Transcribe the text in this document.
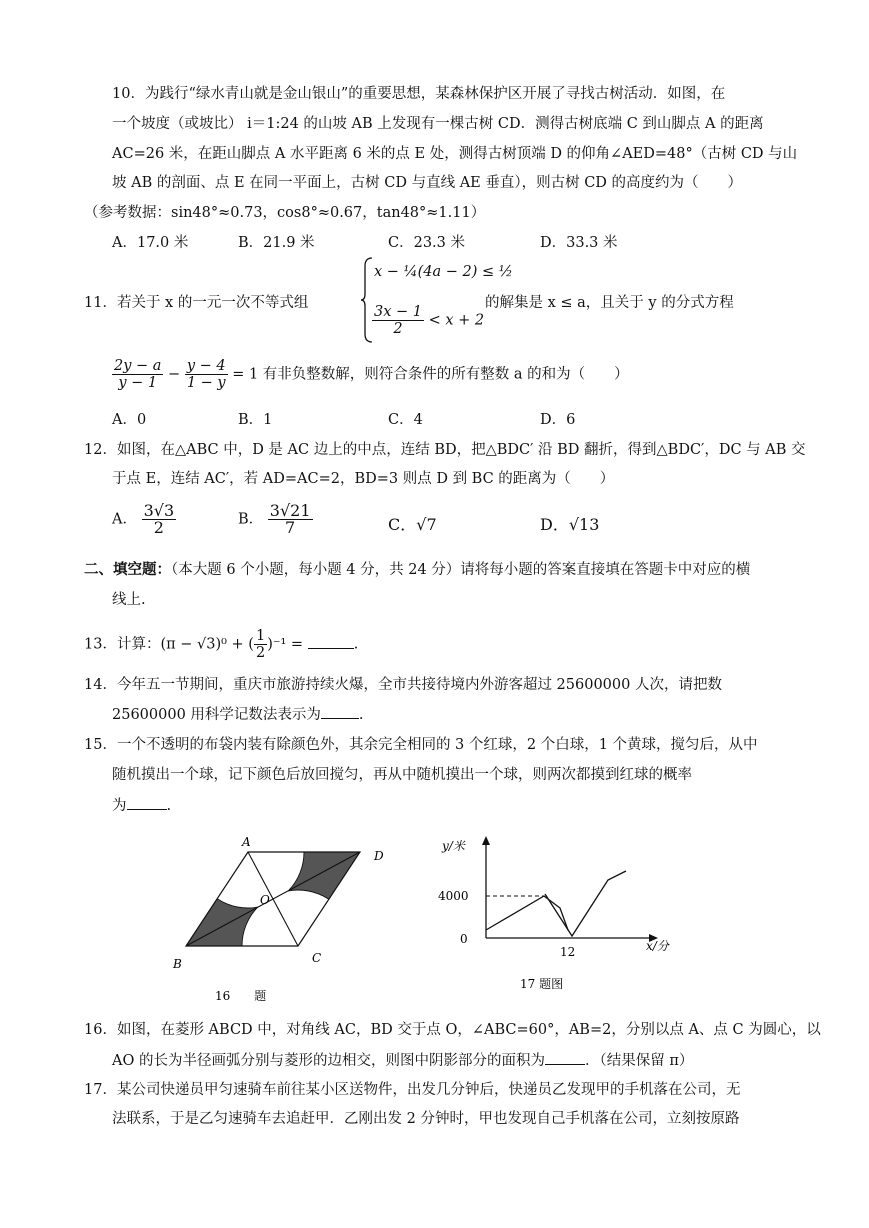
10．为践行“绿水青山就是金山银山”的重要思想，某森林保护区开展了寻找古树活动．如图，在
一个坡度（或坡比） i＝1:24 的山坡 AB 上发现有一棵古树 CD．测得古树底端 C 到山脚点 A 的距离
AC=26 米，在距山脚点 A 水平距离 6 米的点 E 处，测得古树顶端 D 的仰角∠AED=48°（古树 CD 与山
坡 AB 的剖面、点 E 在同一平面上，古树 CD 与直线 AE 垂直），则古树 CD 的高度约为（　　）
（参考数据：sin48°≈0.73，cos8°≈0.67，tan48°≈1.11）
A．17.0 米	B．21.9 米	C．23.3 米	D．33.3 米
11．若关于 x 的一元一次不等式组
x − ¼(4a − 2) ≤ ½
$\frac{3x - 1}{2} < x + 2$
的解集是 x ≤ a，且关于 y 的分式方程
$\frac{2y - a}{y - 1} - \frac{y - 4}{1 - y} = 1$ 有非负整数解，则符合条件的所有整数 a 的和为（　　）
A．0	B．1	C．4	D．6
12．如图，在△ABC 中，D 是 AC 边上的中点，连结 BD，把△BDC′ 沿 BD 翻折，得到△BDC′，DC 与 AB 交
于点 E，连结 AC′，若 AD=AC=2，BD=3 则点 D 到 BC 的距离为（　　）
A． $\frac{3√3}{2}$	B． $\frac{3√21}{7}$	C．√7	D．√13
二、填空题：（本大题 6 个小题，每小题 4 分，共 24 分）请将每小题的答案直接填在答题卡中对应的横
线上.
13．计算：(π − √3)⁰ + ( $\frac{1}{2} )^{-1}$ =	.
14．今年五一节期间，重庆市旅游持续火爆，全市共接待境内外游客超过 25600000 人次，请把数
25600000 用科学记数法表示为	.
15．一个不透明的布袋内装有除颜色外，其余完全相同的 3 个红球，2 个白球，1 个黄球，搅匀后，从中
随机摸出一个球，记下颜色后放回搅匀，再从中随机摸出一个球，则两次都摸到红球的概率
为	.
A
D
B	C
O
16　　题
y/米
4000
0
12	x/分
17 题图
16．如图，在菱形 ABCD 中，对角线 AC，BD 交于点 O，∠ABC=60°，AB=2，分别以点 A、点 C 为圆心，以
AO 的长为半径画弧分别与菱形的边相交，则图中阴影部分的面积为	．（结果保留 π）
17．某公司快递员甲匀速骑车前往某小区送物件，出发几分钟后，快递员乙发现甲的手机落在公司，无
法联系，于是乙匀速骑车去追赶甲．乙刚出发 2 分钟时，甲也发现自己手机落在公司，立刻按原路
